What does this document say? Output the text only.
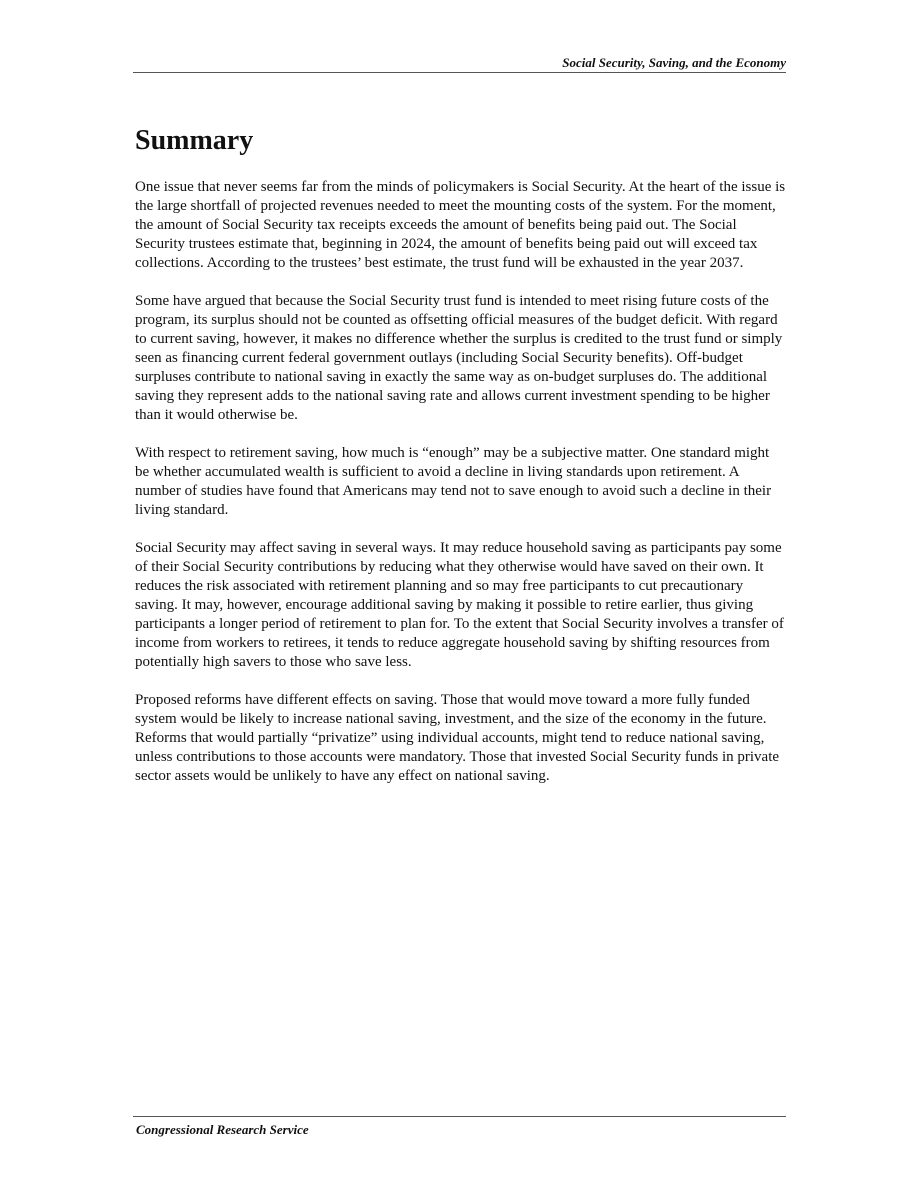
Social Security, Saving, and the Economy
Summary

One issue that never seems far from the minds of policymakers is Social Security. At the heart of the issue is the large shortfall of projected revenues needed to meet the mounting costs of the system. For the moment, the amount of Social Security tax receipts exceeds the amount of benefits being paid out. The Social Security trustees estimate that, beginning in 2024, the amount of benefits being paid out will exceed tax collections. According to the trustees’ best estimate, the trust fund will be exhausted in the year 2037.

Some have argued that because the Social Security trust fund is intended to meet rising future costs of the program, its surplus should not be counted as offsetting official measures of the budget deficit. With regard to current saving, however, it makes no difference whether the surplus is credited to the trust fund or simply seen as financing current federal government outlays (including Social Security benefits). Off-budget surpluses contribute to national saving in exactly the same way as on-budget surpluses do. The additional saving they represent adds to the national saving rate and allows current investment spending to be higher than it would otherwise be.

With respect to retirement saving, how much is “enough” may be a subjective matter. One standard might be whether accumulated wealth is sufficient to avoid a decline in living standards upon retirement. A number of studies have found that Americans may tend not to save enough to avoid such a decline in their living standard.

Social Security may affect saving in several ways. It may reduce household saving as participants pay some of their Social Security contributions by reducing what they otherwise would have saved on their own. It reduces the risk associated with retirement planning and so may free participants to cut precautionary saving. It may, however, encourage additional saving by making it possible to retire earlier, thus giving participants a longer period of retirement to plan for. To the extent that Social Security involves a transfer of income from workers to retirees, it tends to reduce aggregate household saving by shifting resources from potentially high savers to those who save less.

Proposed reforms have different effects on saving. Those that would move toward a more fully funded system would be likely to increase national saving, investment, and the size of the economy in the future. Reforms that would partially “privatize” using individual accounts, might tend to reduce national saving, unless contributions to those accounts were mandatory. Those that invested Social Security funds in private sector assets would be unlikely to have any effect on national saving.

Congressional Research Service
